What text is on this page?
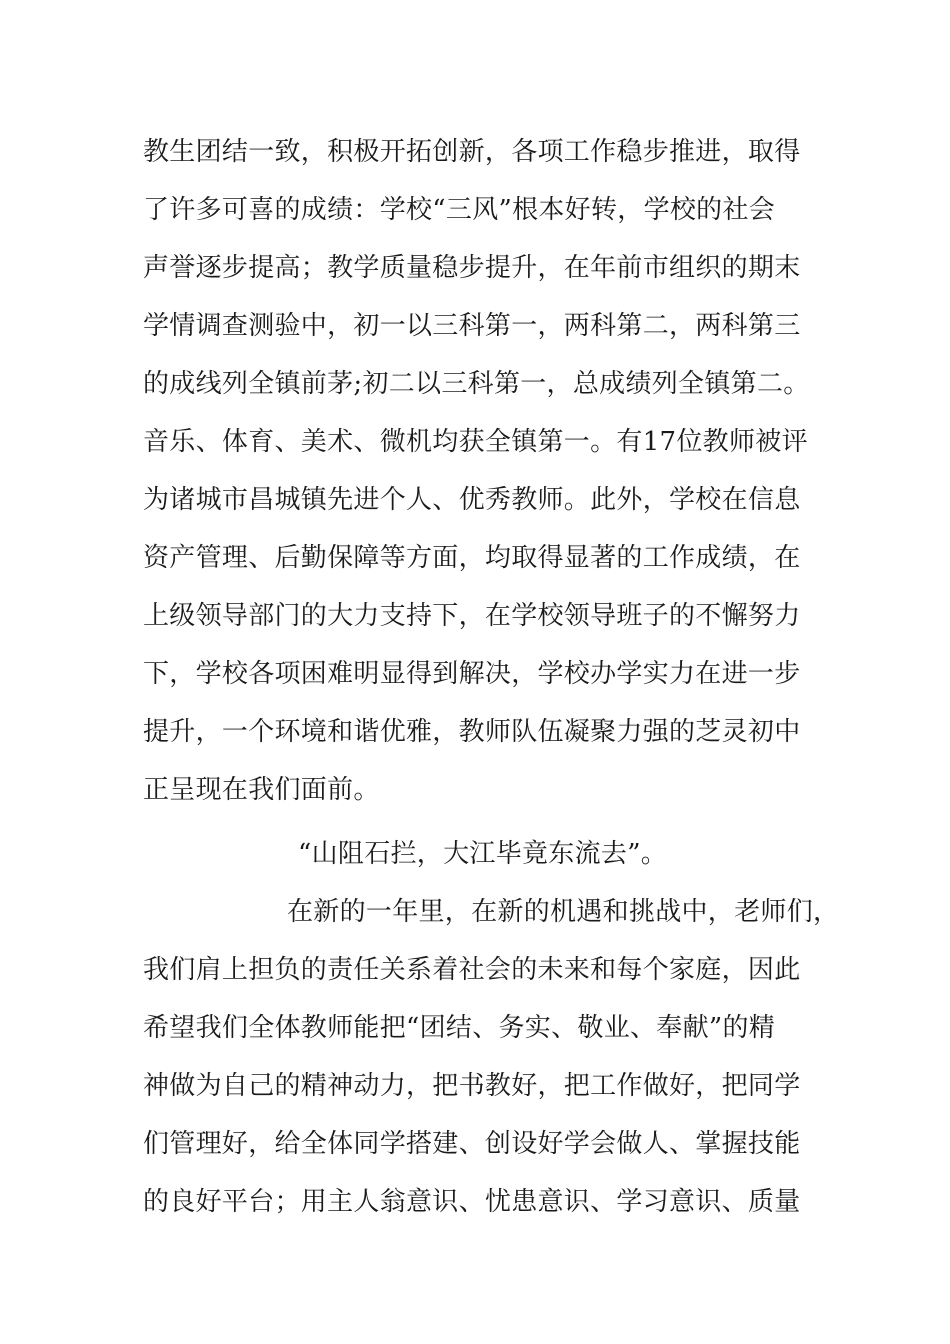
教生团结一致，积极开拓创新，各项工作稳步推进，取得
了许多可喜的成绩：学校“三风”根本好转，学校的社会
声誉逐步提高；教学质量稳步提升，在年前市组织的期末
学情调查测验中，初一以三科第一，两科第二，两科第三
的成线列全镇前茅;初二以三科第一，总成绩列全镇第二。
音乐、体育、美术、微机均获全镇第一。有17位教师被评
为诸城市昌城镇先进个人、优秀教师。此外，学校在信息
资产管理、后勤保障等方面，均取得显著的工作成绩，在
上级领导部门的大力支持下，在学校领导班子的不懈努力
下，学校各项困难明显得到解决，学校办学实力在进一步
提升，一个环境和谐优雅，教师队伍凝聚力强的芝灵初中
正呈现在我们面前。
“山阻石拦，大江毕竟东流去”。
在新的一年里，在新的机遇和挑战中，老师们，
我们肩上担负的责任关系着社会的未来和每个家庭，因此
希望我们全体教师能把“团结、务实、敬业、奉献”的精
神做为自己的精神动力，把书教好，把工作做好，把同学
们管理好，给全体同学搭建、创设好学会做人、掌握技能
的良好平台；用主人翁意识、忧患意识、学习意识、质量
